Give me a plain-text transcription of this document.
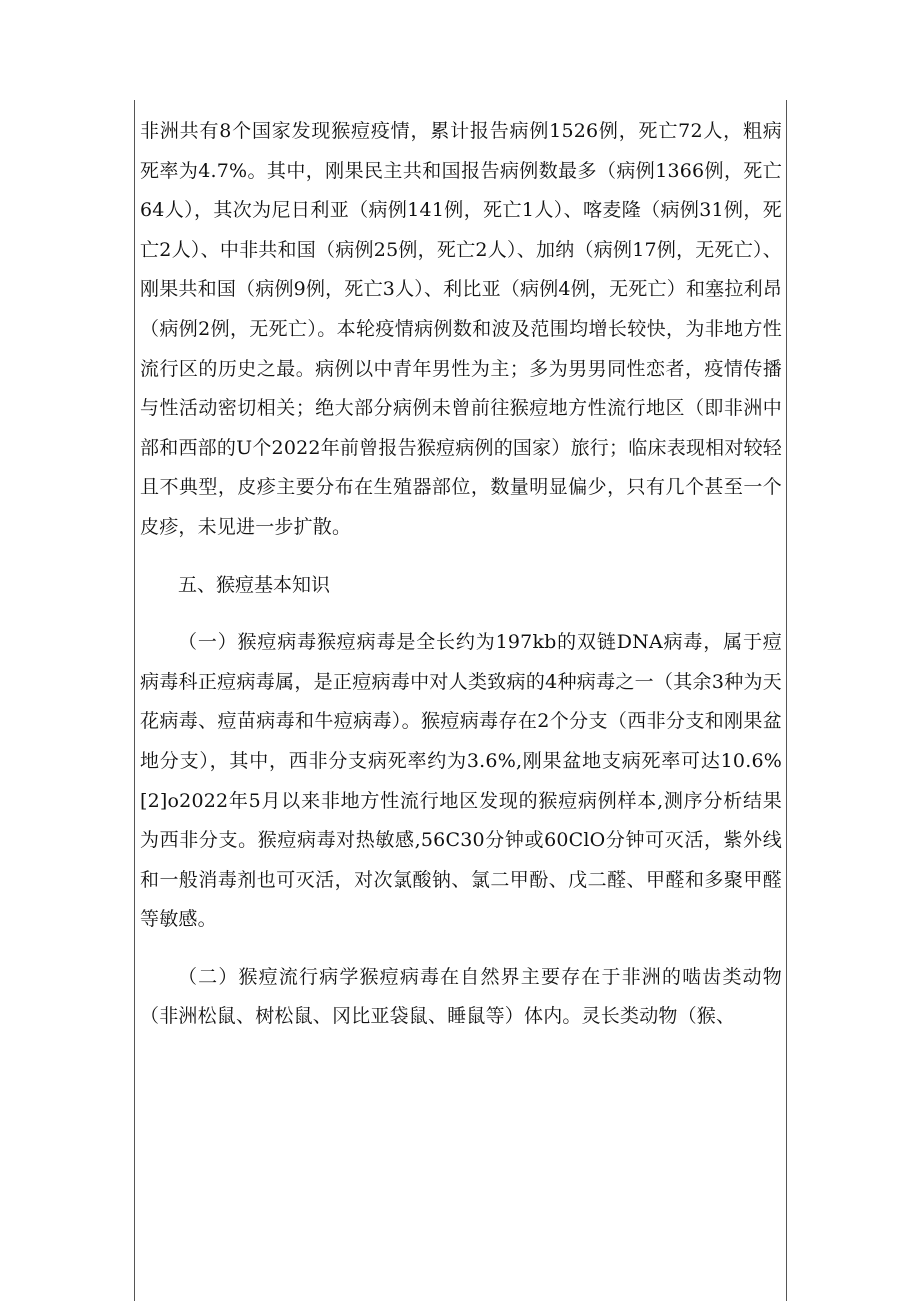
非洲共有8个国家发现猴痘疫情，累计报告病例1526例，死亡72人，粗病死率为4.7%。其中，刚果民主共和国报告病例数最多（病例1366例，死亡64人），其次为尼日利亚（病例141例，死亡1人）、喀麦隆（病例31例，死亡2人）、中非共和国（病例25例，死亡2人）、加纳（病例17例，无死亡）、刚果共和国（病例9例，死亡3人）、利比亚（病例4例，无死亡）和塞拉利昂（病例2例，无死亡）。本轮疫情病例数和波及范围均增长较快，为非地方性流行区的历史之最。病例以中青年男性为主；多为男男同性恋者，疫情传播与性活动密切相关；绝大部分病例未曾前往猴痘地方性流行地区（即非洲中部和西部的U个2022年前曾报告猴痘病例的国家）旅行；临床表现相对较轻且不典型，皮疹主要分布在生殖器部位，数量明显偏少，只有几个甚至一个皮疹，未见进一步扩散。

五、猴痘基本知识

（一）猴痘病毒猴痘病毒是全长约为197kb的双链DNA病毒，属于痘病毒科正痘病毒属，是正痘病毒中对人类致病的4种病毒之一（其余3种为天花病毒、痘苗病毒和牛痘病毒）。猴痘病毒存在2个分支（西非分支和刚果盆地分支），其中，西非分支病死率约为3.6%,刚果盆地支病死率可达10.6%[2]o2022年5月以来非地方性流行地区发现的猴痘病例样本,测序分析结果为西非分支。猴痘病毒对热敏感,56C30分钟或60ClO分钟可灭活，紫外线和一般消毒剂也可灭活，对次氯酸钠、氯二甲酚、戊二醛、甲醛和多聚甲醛等敏感。

（二）猴痘流行病学猴痘病毒在自然界主要存在于非洲的啮齿类动物（非洲松鼠、树松鼠、冈比亚袋鼠、睡鼠等）体内。灵长类动物（猴、
